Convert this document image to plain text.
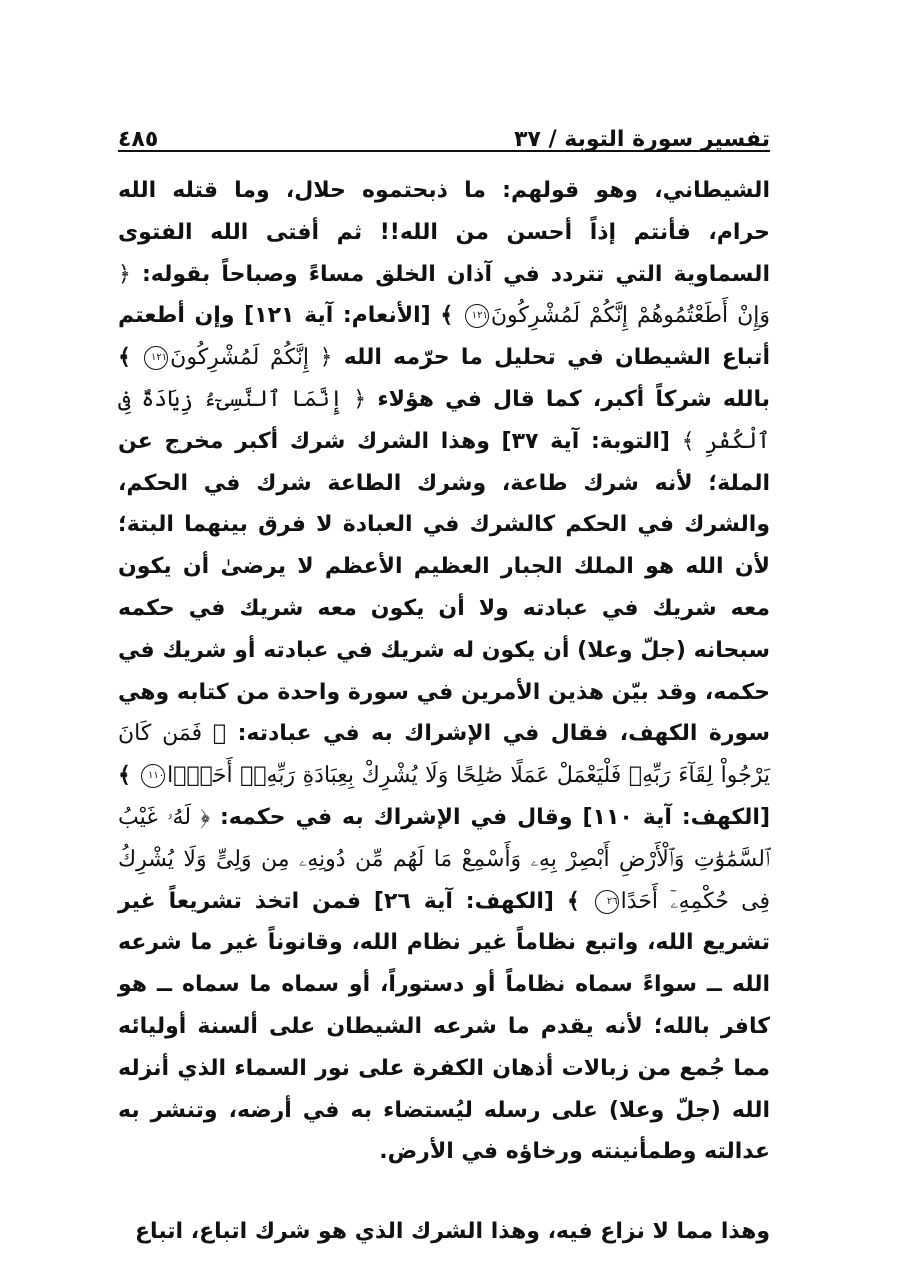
تفسير سورة التوبة / ٣٧
٤٨٥

الشيطاني، وهو قولهم: ما ذبحتموه حلال، وما قتله الله حرام، فأنتم إذاً أحسن من الله!! ثم أفتى الله الفتوى السماوية التي تتردد في آذان الخلق مساءً وصباحاً بقوله: ﴿ وَإِنْ أَطَعْتُمُوهُمْ إِنَّكُمْ لَمُشْرِكُونَ١٢١ ﴾ [الأنعام: آية ١٢١] وإن أطعتم أتباع الشيطان في تحليل ما حرّمه الله ﴿ إِنَّكُمْ لَمُشْرِكُونَ١٢١ ﴾ بالله شركاً أكبر، كما قال في هؤلاء ﴿ إِنَّمَا ٱلنَّسِىٓءُ زِيَادَةٌ فِى ٱلْكُفْرِ ﴾ [التوبة: آية ٣٧] وهذا الشرك شرك أكبر مخرج عن الملة؛ لأنه شرك طاعة، وشرك الطاعة شرك في الحكم، والشرك في الحكم كالشرك في العبادة لا فرق بينهما البتة؛ لأن الله هو الملك الجبار العظيم الأعظم لا يرضىٰ أن يكون معه شريك في عبادته ولا أن يكون معه شريك في حكمه سبحانه (جلّ وعلا) أن يكون له شريك في عبادته أو شريك في حكمه، وقد بيّن هذين الأمرين في سورة واحدة من كتابه وهي سورة الكهف، فقال في الإشراك به في عبادته: ﴿ فَمَن كَانَ يَرْجُواْ لِقَآءَ رَبِّهِۦ فَلْيَعْمَلْ عَمَلًا صَٰلِحًا وَلَا يُشْرِكْ بِعِبَادَةِ رَبِّهِۦٓ أَحَدًۢا١١٠ ﴾ [الكهف: آية ١١٠] وقال في الإشراك به في حكمه: ﴿ لَهُۥ غَيْبُ ٱلسَّمَٰوَٰتِ وَٱلْأَرْضِ أَبْصِرْ بِهِۦ وَأَسْمِعْ مَا لَهُم مِّن دُونِهِۦ مِن وَلِىٍّ وَلَا يُشْرِكُ فِى حُكْمِهِۦٓ أَحَدًا٢٦ ﴾ [الكهف: آية ٢٦] فمن اتخذ تشريعاً غير تشريع الله، واتبع نظاماً غير نظام الله، وقانوناً غير ما شرعه الله ــ سواءً سماه نظاماً أو دستوراً، أو سماه ما سماه ــ هو كافر بالله؛ لأنه يقدم ما شرعه الشيطان على ألسنة أوليائه مما جُمع من زبالات أذهان الكفرة على نور السماء الذي أنزله الله (جلّ وعلا) على رسله ليُستضاء به في أرضه، وتنشر به عدالته وطمأنينته ورخاؤه في الأرض.

وهذا مما لا نزاع فيه، وهذا الشرك الذي هو شرك اتباع، اتباع
